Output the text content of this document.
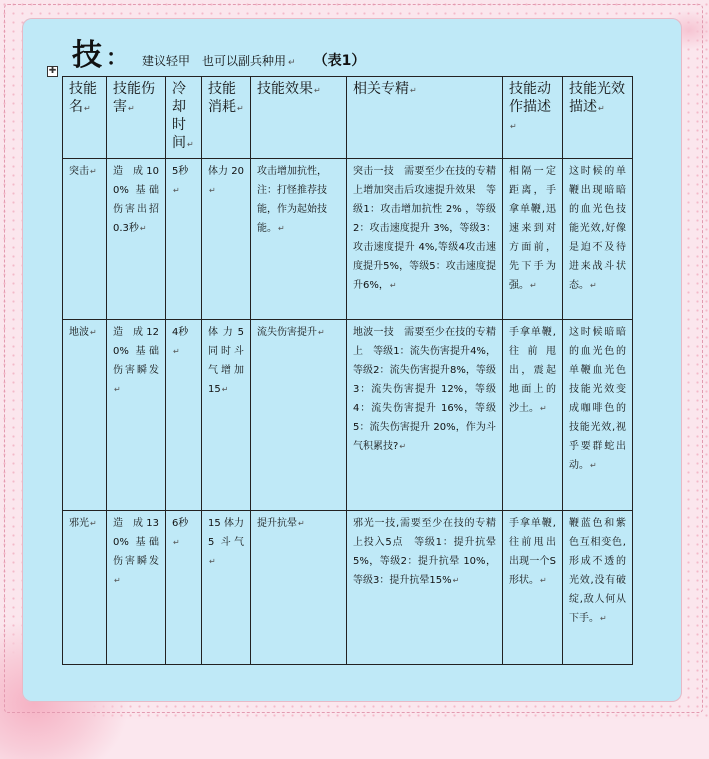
技 ： 建议轻甲　也可以副兵种用 ↵ （表1）
✚
技能名↵	技能伤害↵	冷却时间↵	技能消耗↵	技能效果↵	相关专精↵	技能动作描述↵	技能光效描述↵
突击↵	造　成 100% 基础伤害出招0.3秒↵	5秒↵	体力 20↵	攻击增加抗性，注：打怪推荐技能，作为起始技能。↵	突击一技　需要至少在技的专精上增加突击后攻速提升效果　等级1：攻击增加抗性 2% ，等级2：攻击速度提升 3%，等级3：攻击速度提升 4%,等级4攻击速度提升5%，等级5：攻击速度提升6%，↵	相隔一定距离，手拿单鞭,迅速来到对方面前，先下手为强。↵	这时候的单鞭出现暗暗的血光色技能光效,好像是迫不及待进来战斗状态。↵
地波↵	造　成 120% 基础伤害瞬发↵	4秒↵	体力5 同时斗气增加15↵	流失伤害提升↵	地波一技　需要至少在技的专精上　等级1：流失伤害提升4%，等级2：流失伤害提升8%，等级3：流失伤害提升 12%，等级4：流失伤害提升 16%，等级5：流失伤害提升 20%，作为斗气积累技?↵	手拿单鞭,往前甩出，震起地面上的沙土。↵	这时候暗暗的血光色的单鞭血光色技能光效变成咖啡色的技能光效,视乎要群蛇出动。↵
邪光↵	造　成 130% 基础伤害瞬发↵	6秒↵	15 体力 5 斗气↵	提升抗晕↵	邪光一技,需要至少在技的专精上投入5点　等级1：提升抗晕5%，等级2：提升抗晕 10%，等级3：提升抗晕15%↵	手拿单鞭,往前甩出出现一个S形状。↵	鞭蓝色和紫色互相变色,形成不透的光效,没有破绽,敌人何从下手。↵
